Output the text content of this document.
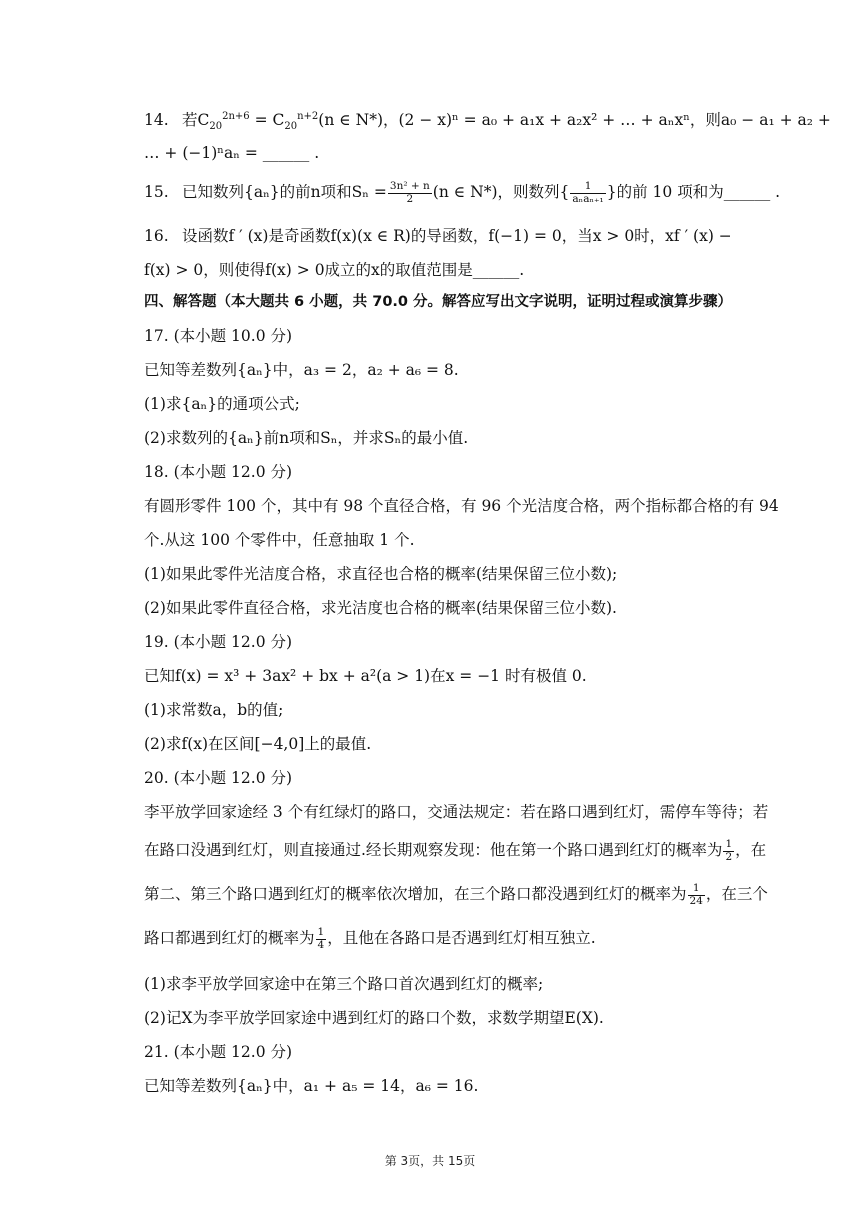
14. 若$C_{20}^{2n+6} = C_{20}^{n+2}(n$ ∈ N*)，(2 − x)ⁿ = a₀ + a₁x + a₂x² + … + aₙxⁿ，则a₀ − a₁ + a₂ +
… + (−1)ⁿaₙ = ______ .
15. 已知数列{aₙ}的前n项和$S_n = \frac{\text{3n² + n}}{2} (n$ ∈ N*)，则数列{ $\frac{1}{\text{aₙaₙ₊₁}}$ }的前 10 项和为______ .
16. 设函数f ′ (x)是奇函数f(x)(x ∈ R)的导函数，f(−1) = 0，当x > 0时，xf ′ (x) −
f(x) > 0，则使得f(x) > 0成立的x的取值范围是______.
四、解答题（本大题共 6 小题，共 70.0 分。解答应写出文字说明，证明过程或演算步骤）
17. (本小题 10.0 分)
已知等差数列{aₙ}中，a₃ = 2，a₂ + a₆ = 8.
(1)求{aₙ}的通项公式;
(2)求数列的{aₙ}前n项和Sₙ，并求Sₙ的最小值.
18. (本小题 12.0 分)
有圆形零件 100 个，其中有 98 个直径合格，有 96 个光洁度合格，两个指标都合格的有 94
个.从这 100 个零件中，任意抽取 1 个.
(1)如果此零件光洁度合格，求直径也合格的概率(结果保留三位小数);
(2)如果此零件直径合格，求光洁度也合格的概率(结果保留三位小数).
19. (本小题 12.0 分)
已知f(x) = x³ + 3ax² + bx + a²(a > 1)在x = −1 时有极值 0.
(1)求常数a，b的值;
(2)求f(x)在区间[−4,0]上的最值.
20. (本小题 12.0 分)
李平放学回家途经 3 个有红绿灯的路口，交通法规定：若在路口遇到红灯，需停车等待；若
在路口没遇到红灯，则直接通过.经长期观察发现：他在第一个路口遇到红灯的概率为 $\frac{1}{2}$ ，在
第二、第三个路口遇到红灯的概率依次增加，在三个路口都没遇到红灯的概率为 $\frac{1}{24}$ ，在三个
路口都遇到红灯的概率为 $\frac{1}{4}$ ，且他在各路口是否遇到红灯相互独立.
(1)求李平放学回家途中在第三个路口首次遇到红灯的概率;
(2)记X为李平放学回家途中遇到红灯的路口个数，求数学期望E(X).
21. (本小题 12.0 分)
已知等差数列{aₙ}中，a₁ + a₅ = 14，a₆ = 16.
第 3页，共 15页
